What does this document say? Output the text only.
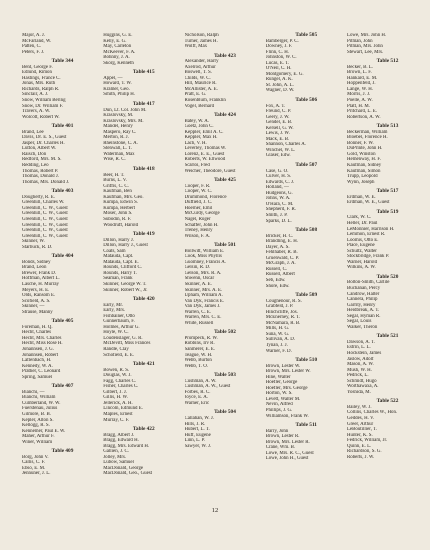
Major, A. J.
McFarland, W.
Patten, C.
Peters, F. J.
Table 344
Bent, George F.
Edlund, Rimon
Hastings, France C.
Jonas, Mrs. Ruth
Richards, Ralph R.
Sinclair, A. J.
Snow, William Bering
Snow, Dr. William F.
Travers, A. W.
Wolcott, Robert W.
Table 401
Brand, Lee
Davis, Dr. E. S., Guest
Jasper, Dr. Charles H.
Lutton, Albert W.
Raisch, Don
Redford, Mrs. M. S.
Redding, Leo
Thomas, Robert P.
Thomas, Donald J.
Thomas, Mrs. Donald J.
Table 403
Dougherty, R. E.
Greenhill, Charles W.
Greenhill, C. W., Guest
Greenhill, C. W., Guest
Greenhill, C. W., Guest
Greenhill, C. W., Guest
Greenhill, C. W., Guest
Greenhill, C. W., Guest
Skinner, W.
Starbuck, R. D.
Table 404
Bonds, Sidney
Brand, Leon
Brewer, Frank D.
Hoffman, Albert L.
Lasche, H. Murray
Meyers, H. E.
Olds, Ransom E.
Scofield, A. S.
Skinner, —
Strause, Manny
Table 405
Foreman, H. Q.
Hecht, Charles
Hecht, Mrs. Charles
Hecht, Miss Rose H.
Johannsen, J. G.
Johannsen, Robert
Laflenbach, H.
Kennedy, W. A.
Prather, C. Leonard
Spring, Samuel
Table 407
Bianchi, —
Bianchi, William
Cumberland, W. W.
Fuerstenau, Julius
Gilmore, B. B.
Kepler, Alton S.
Kellogg, R. S.
Kennemer, Paul E. W.
Maher, Arthur F.
Winer, William
Table 409
Borg, John V.
Callis, C. F.
Ebso, E. M.
Jennuner, J. L.
Huggins, G. E.
Kelly, E. G.
May, Carleton
McKeever, F. A.
Bohnny, J. A.
Skorg, Kenneth
Table 415
Appel, —
Howard, T. W.
Kramer, Geo.
Smith, Philip H.
Table 417
Dun, Lt. Col. John M.
Kraslovsky, M.
Kraslovsky, Mrs. M.
Mandel, Henry
Maspero, Ray C.
Merton, R. J.
Rheinstone, C. A.
Stenwall, L. T.
Waterman, Max
Wise, R. C.
Table 418
Beer, H. T.
Burns, L. V.
Griffis, C. C.
Kaufman, Ben
Kaufman, Mrs. Geo.
Kumpa, Edwin S.
Kumpa, Herbert
Moser, John S.
Subodin, R. F.
Woodruff, Harold
Table 419
Dillon, Harry J.
Dillon, Harry J., Guest
Coats, Sam
Matauda, Capt.
Matauda, Capt. E.
Rounds, Clifford C.
Rounds, Harry T.
Seaman, Frank
Skinner, George W. T.
Skinner, Robert W., Jr.
Table 420
Early, Mr.
Early, Mrs.
Fishbainer, Otto
Gunnerbaum, F.
Holmes, Arthur G.
Hoyle, W. C.
Loudenslager, G. R.
McDevitt, Miss Frances
Randle, Clay
Schofield, E. E.
Table 421
Bowen, R. S.
Douglas, W. J.
Fagg, Charles C.
Fisher, Charles C.
Gilbert, J. J.
Gillis, H. W.
Jellerick, A. H.
Lincoln, Edmund E.
Maples, Ernest
Murray, C. F.
Table 422
Bragg, Albert J.
Bragg, Edward H.
Bragg, Mrs. Edward H.
Gallien, J. C.
Jolley, Mrs.
Lubow, Samuel
MacDonald, George
MacDonald, Geo., Guest
Nicholson, Ralph
Turner, James H.
Wolff, Max
Table 423
Alexander, Harry
Axelrod, Arthur
Boswell, T. S.
Childs, W. C.
Hill, Maurice R.
McAllister, A. E.
Pratt, E. G.
Rosenblum, Franklin
Vogel, Bernard
Table 424
Batey, W. A.
Goetz, John C.
Keppler, Emil A. C.
Keppler, Max H.
Lach, V. H.
Leverley, Thomas W.
Lorenz, E. E., Guest
Roberts, W. Ellwood
Scarloi, Fred
Weicher, Theodore, Guest
Table 425
Cooper, F. R.
Cooper, W. C.
Drummond, Florence
Duffield, J. C.
Hoerner, Emil
McCurdy, George
Nagel, Roger
Schaffer, John H.
Treney, Henry
Wilson, F. A.
Table 501
Bollwitt, William E.
Cook, Miss Phyllis
Guomney, Francis A.
Gelsin, R. D.
Gelson, Mrs. R. A.
Shwenn, Oscar
Skinner, A. E.
Skinner, Mrs. A. E.
Upham, William A.
Van Dyk, Francis E.
Van Dyk, James J.
Warren, C. E.
Warren, Mrs. C. E.
White, Russell
Table 502
Prompeck, R. W.
Robbins, Irv R.
Sanmerer, E. E.
Teague, W. H.
Webb, Burton
Webb, T. O.
Table 503
Cushman, A. W.
Cushman, A. W., Guest
Forbes, R. C.
Joyce, E. A.
Warner, Eric
Table 504
Callahan, W. J.
Hills, J. R.
Hubert, L. T.
Huff, Eugene
Linn, L. P.
Sawyer, W. J.
Table 505
Bamberger, P. C.
Downey, J. F.
Flinn, C. H.
Johnston, W. C.
Lucas, E. T.
O'Neil, C. H.
Montgomery, E. G.
Rungel, A. K.
St. John, A. L.
Wagner, D. W.
Table 506
Fox, A. T.
Freund, C. P.
Geery, J. W.
Gendel, E. B.
Kersell, G. W.
Lewis, J. W.
Mack, E. B.
Shannon, Charles A.
Winchel, W. L.
Glaser, Edw.
Table 507
Case, G. O.
Culver, H. S.
Edwards, C. J.
Holland, —
Hudgeons, G.
Johns, W. A.
O'Hara, C. M.
Shepherd, F. R.
Smith, J. P.
Sparks, D. L.
Table 508
Bricker, H. C.
Brandling, E. H.
Dayer, A. S.
Fehlhaber, R. B.
Gruenwald, C. P.
McGraph, J. A.
Russell, C.
Russell, Albert
Seb, Edw.
Shore, Edw.
Table 509
Coughenour, R. S.
Grabfeld, J. P.
Hinchcliffe, Jos.
McEnerney, R. T.
McNamara, R. B.
Mills, H. G.
Suna, W. G.
Sullivan, A. D.
Tynan, J. J.
Warner, F. D.
Table 510
Brown, Lester W.
Brown, Mrs. Lester W.
Hine, Walter
Hoefler, George
Hoefler, Mrs. George
Horton, W. S.
Levett, Walter M.
Nevin, Alfred
Phillips, J. G.
Williamson, Frank W.
Table 511
Barry, John
Brown, Lester R.
Brown, Mrs. Lester R.
Crane, Wm. B.
Lowe, Mrs. R. C., Guest
Lowe, John H., Guest
Lowe, Mrs. John H.
Pitman, John
Pitman, Mrs. John
Stewart, Lee, Mrs.
Table 512
Becker, B. L.
Brown, L. F.
Hankard, E. M.
Hoppenfeld, J.
Lange, W. H.
Morris, J. J.
Poelle, A. W.
Platt, H. M.
Pritchard, L. E.
Robertson, A. W.
Table 513
Beckerman, William
Bloebel, Florence H.
Bonner, F. W.
DuPrinte, John H.
Gold, Winston
Hemenway, H. F.
Kaufman, Sidney
Kaufman, Simon
Trupp, Leopold
Wynn, Joseph
Table 517
Erdman, W. E.
Erdman, W. E., Guest
Table 519
Clark, W. C.
Heller, Dr. Paul
LeMonnier, Harrison H.
Lemmon, Ernest R.
Loomis, Otto E.
Place, Eugene
Schultz, Walter
Stockbridge, Frank P.
Warner, Harold
Wilkins, A. W.
Table 520
Bolton-Smith, Carlile
Buchanan, Percy
Candrow, Halter
Cannera, Philip
Garrity, Henry
Heidbreak, A. T.
Segal, Hyman R.
Segal, Louis
Walker, Theron
Table 521
Dawson, A. T.
Estrin, L. L.
Hockstein, James
Jaslow, Adolf
Mason, A. W.
Mush, W. H.
Pedrick, L.
Schmidt, Hugo
Worthawaxa, A.
Yoshida, M.
Table 522
Bailey, W. J.
Collins, Charles W., Hon.
Geddes, H. V.
Greer, Arthur
LeBoutillier, T.
Hunter, K. S.
Fedrick, William, Jr.
Quinn, E. L.
Richardson, S. G.
Roberts, J. W.
12
